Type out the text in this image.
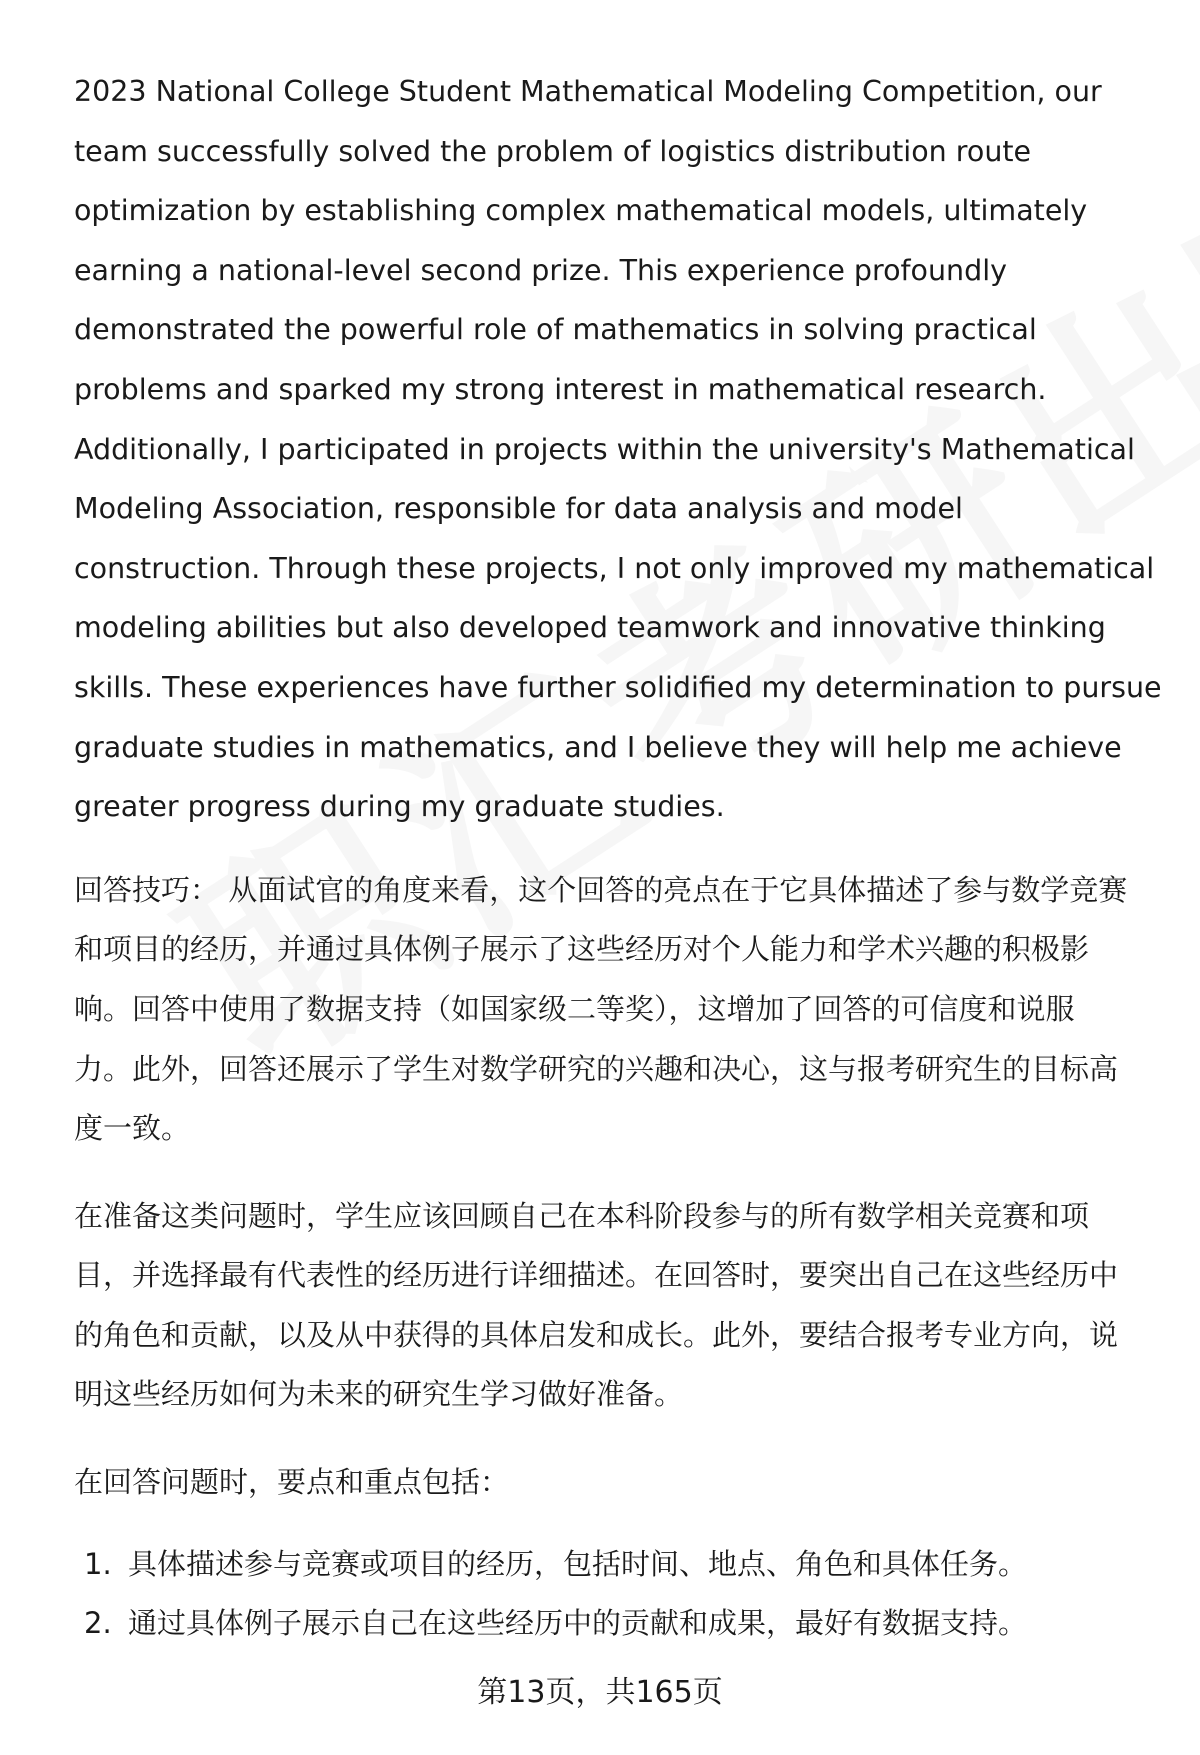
2023 National College Student Mathematical Modeling Competition, our
team successfully solved the problem of logistics distribution route
optimization by establishing complex mathematical models, ultimately
earning a national-level second prize. This experience profoundly
demonstrated the powerful role of mathematics in solving practical
problems and sparked my strong interest in mathematical research.
Additionally, I participated in projects within the university's Mathematical
Modeling Association, responsible for data analysis and model
construction. Through these projects, I not only improved my mathematical
modeling abilities but also developed teamwork and innovative thinking
skills. These experiences have further solidified my determination to pursue
graduate studies in mathematics, and I believe they will help me achieve
greater progress during my graduate studies.

回答技巧： 从面试官的角度来看，这个回答的亮点在于它具体描述了参与数学竞赛
和项目的经历，并通过具体例子展示了这些经历对个人能力和学术兴趣的积极影
响。回答中使用了数据支持（如国家级二等奖），这增加了回答的可信度和说服
力。此外，回答还展示了学生对数学研究的兴趣和决心，这与报考研究生的目标高
度一致。

在准备这类问题时，学生应该回顾自己在本科阶段参与的所有数学相关竞赛和项
目，并选择最有代表性的经历进行详细描述。在回答时，要突出自己在这些经历中
的角色和贡献，以及从中获得的具体启发和成长。此外，要结合报考专业方向，说
明这些经历如何为未来的研究生学习做好准备。

在回答问题时，要点和重点包括：

1. 具体描述参与竞赛或项目的经历，包括时间、地点、角色和具体任务。
2. 通过具体例子展示自己在这些经历中的贡献和成果，最好有数据支持。
第13页，共165页
